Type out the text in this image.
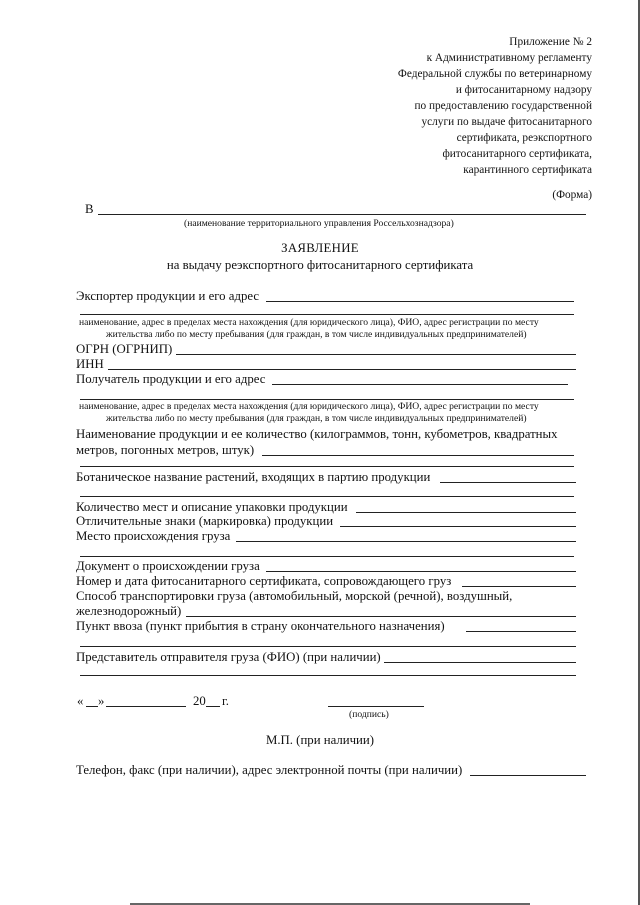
Приложение № 2
к Административному регламенту
Федеральной службы по ветеринарному
и фитосанитарному надзору
по предоставлению государственной
услуги по выдаче фитосанитарного
сертификата, реэкспортного
фитосанитарного сертификата,
карантинного сертификата
(Форма)
В
(наименование территориального управления Россельхознадзора)
ЗАЯВЛЕНИЕ
на выдачу реэкспортного фитосанитарного сертификата
Экспортер продукции и его адрес
наименование, адрес в пределах места нахождения (для юридического лица), ФИО, адрес регистрации по месту
жительства либо по месту пребывания (для граждан, в том числе индивидуальных предпринимателей)
ОГРН (ОГРНИП)
ИНН
Получатель продукции и его адрес
наименование, адрес в пределах места нахождения (для юридического лица), ФИО, адрес регистрации по месту
жительства либо по месту пребывания (для граждан, в том числе индивидуальных предпринимателей)
Наименование продукции и ее количество (килограммов, тонн, кубометров, квадратных
метров, погонных метров, штук)
Ботаническое название растений, входящих в партию продукции
Количество мест и описание упаковки продукции
Отличительные знаки (маркировка) продукции
Место происхождения груза
Документ о происхождении груза
Номер и дата фитосанитарного сертификата, сопровождающего груз
Способ транспортировки груза (автомобильный, морской (речной), воздушный,
железнодорожный)
Пункт ввоза (пункт прибытия в страну окончательного назначения)
Представитель отправителя груза (ФИО) (при наличии)
« »	20 г.
(подпись)
М.П. (при наличии)
Телефон, факс (при наличии), адрес электронной почты (при наличии)
